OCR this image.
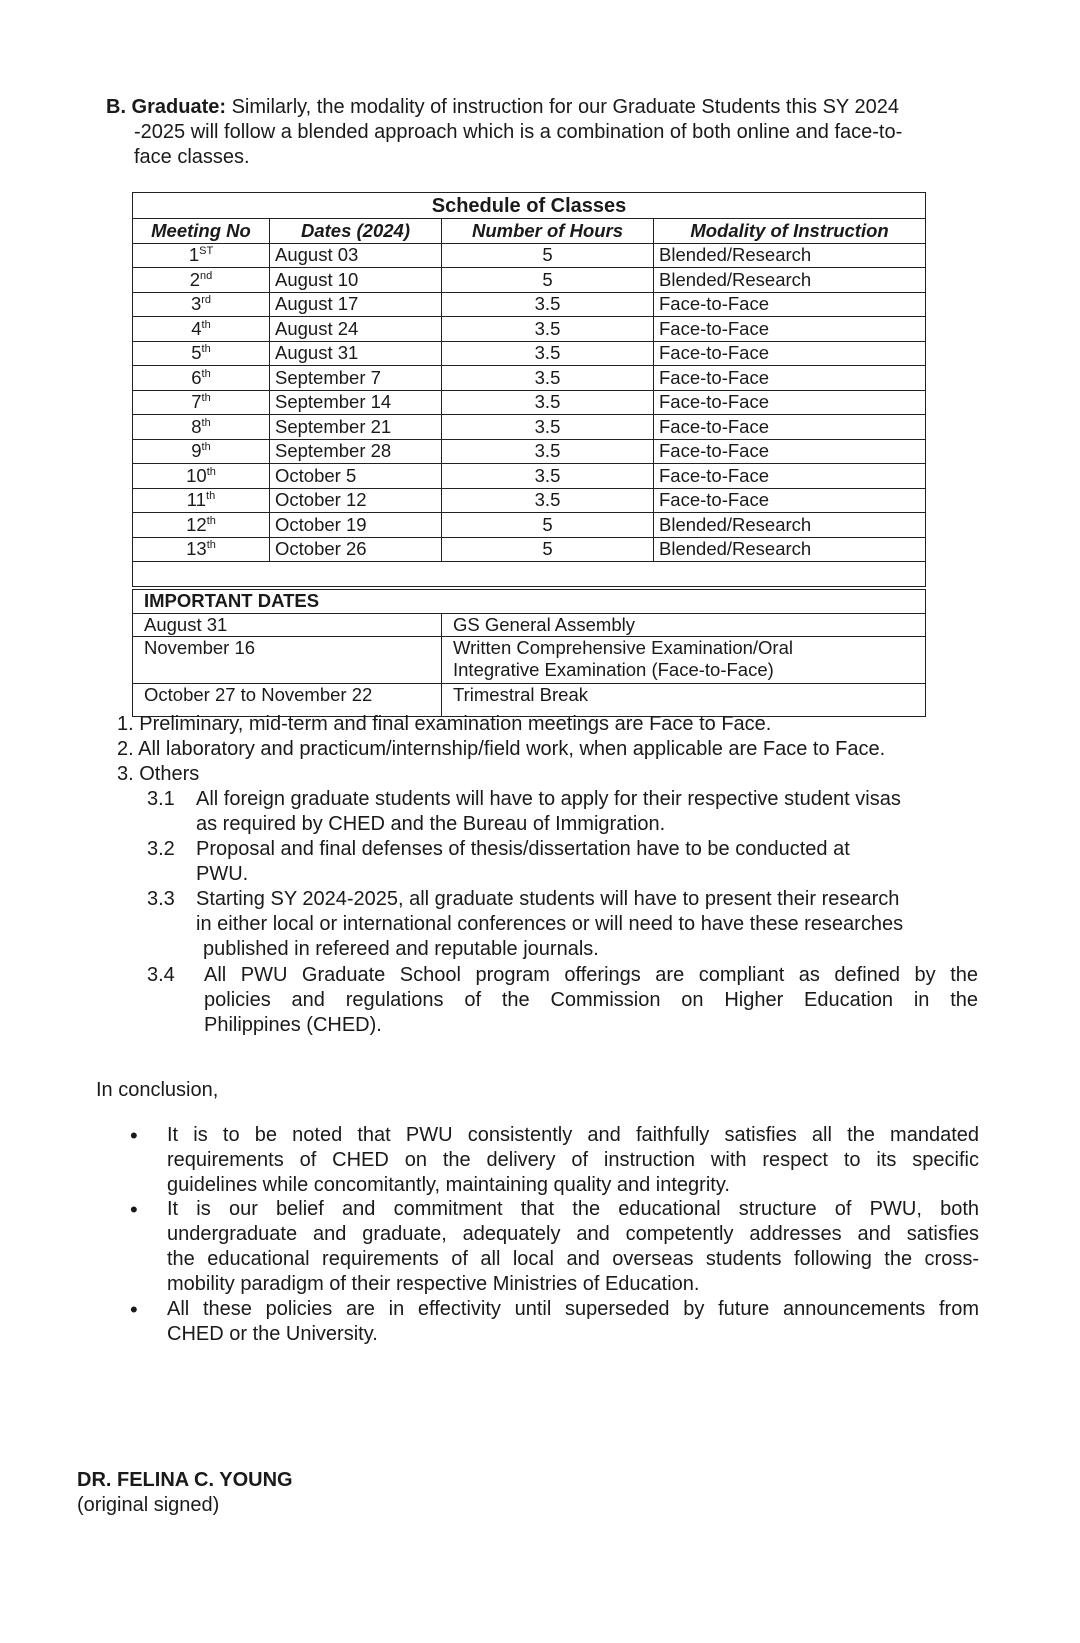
B. Graduate: Similarly, the modality of instruction for our Graduate Students this SY 2024
-2025 will follow a blended approach which is a combination of both online and face-to-
face classes.
Schedule of Classes			
Meeting No	Dates (2024)	Number of Hours	Modality of Instruction
1ST	August 03	5	Blended/Research
2nd	August 10	5	Blended/Research
3rd	August 17	3.5	Face-to-Face
4th	August 24	3.5	Face-to-Face
5th	August 31	3.5	Face-to-Face
6th	September 7	3.5	Face-to-Face
7th	September 14	3.5	Face-to-Face
8th	September 21	3.5	Face-to-Face
9th	September 28	3.5	Face-to-Face
10th	October 5	3.5	Face-to-Face
11th	October 12	3.5	Face-to-Face
12th	October 19	5	Blended/Research
13th	October 26	5	Blended/Research

IMPORTANT DATES	
August 31	GS General Assembly
November 16	Written Comprehensive Examination/Oral
Integrative Examination (Face-to-Face)
October 27 to November 22	Trimestral Break
1. Preliminary, mid-term and final examination meetings are Face to Face.
2. All laboratory and practicum/internship/field work, when applicable are Face to Face.
3. Others
3.1 All foreign graduate students will have to apply for their respective student visas
as required by CHED and the Bureau of Immigration.
3.2 Proposal and final defenses of thesis/dissertation have to be conducted at
PWU.
3.3 Starting SY 2024-2025, all graduate students will have to present their research
in either local or international conferences or will need to have these researches
published in refereed and reputable journals.
3.4 All PWU Graduate School program offerings are compliant as defined by the
policies and regulations of the Commission on Higher Education in the
Philippines (CHED).
In conclusion,
• It is to be noted that PWU consistently and faithfully satisfies all the mandated
requirements of CHED on the delivery of instruction with respect to its specific
guidelines while concomitantly, maintaining quality and integrity.
• It is our belief and commitment that the educational structure of PWU, both
undergraduate and graduate, adequately and competently addresses and satisfies
the educational requirements of all local and overseas students following the cross-
mobility paradigm of their respective Ministries of Education.
• All these policies are in effectivity until superseded by future announcements from
CHED or the University.
DR. FELINA C. YOUNG
(original signed)
